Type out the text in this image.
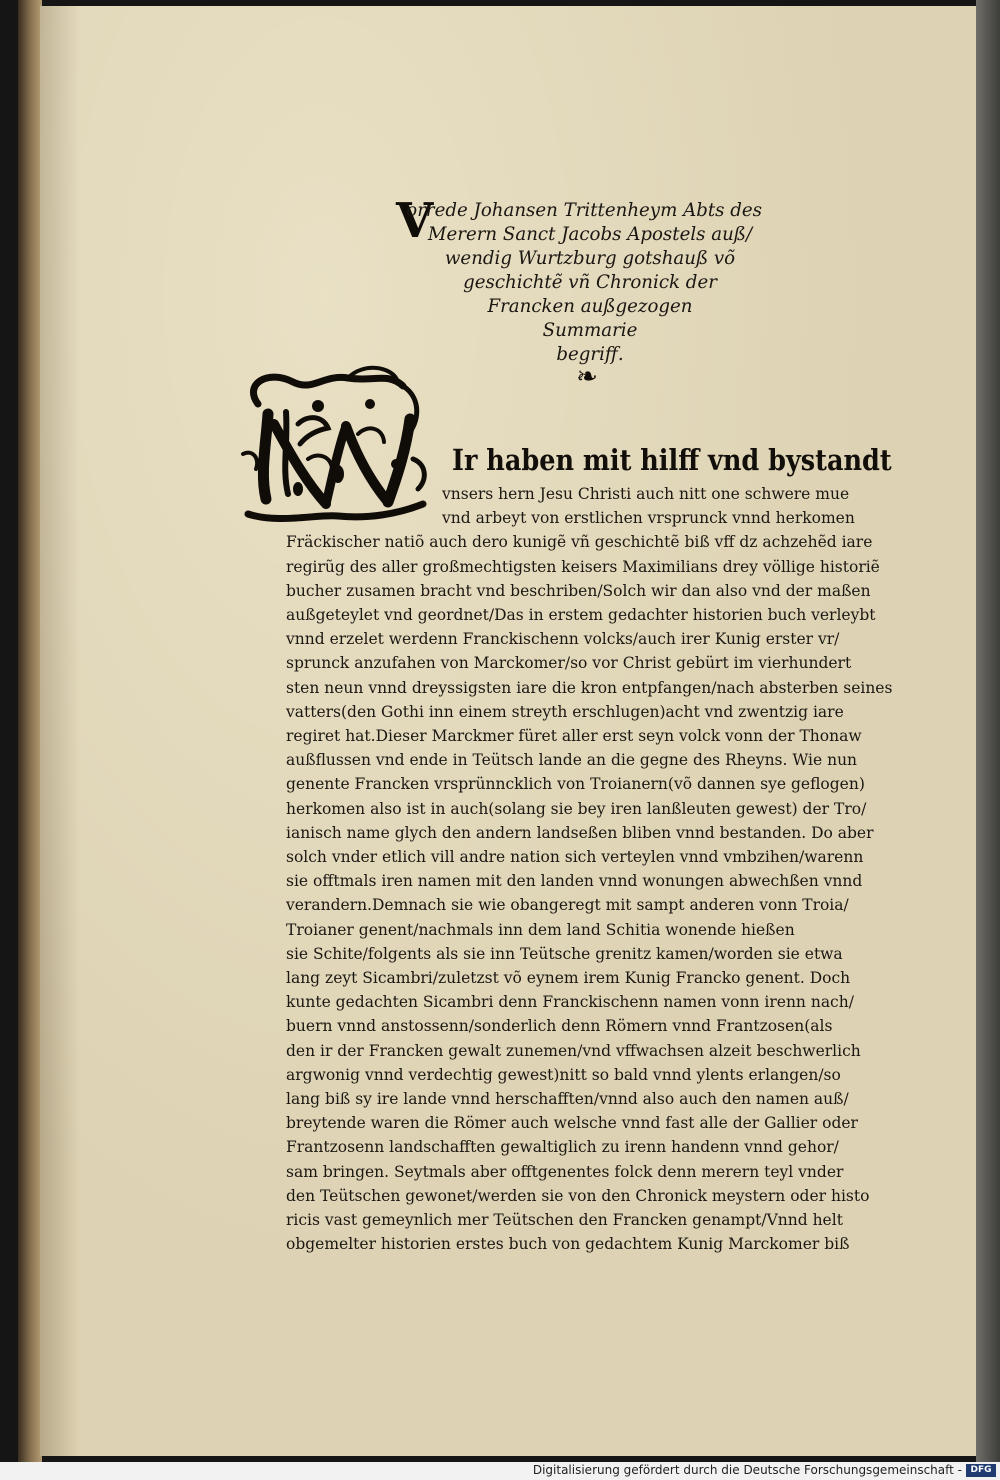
V
orrede Johansen Trittenheym Abts des
Merern Sanct Jacobs Apostels auß/
wendig Wurtzburg gotshauß võ
geschichtẽ vñ Chronick der
Francken außgezogen
Summarie
begriff.
❧
Ir haben mit hilff vnd bystandt
vnsers hern Jesu Christi auch nitt one schwere mue
vnd arbeyt von erstlichen vrsprunck vnnd herkomen
Fräckischer natiõ auch dero kunigẽ vñ geschichtẽ biß vff dz achzehẽd iare
regirũg des aller großmechtigsten keisers Maximilians drey völlige historiẽ
bucher zusamen bracht vnd beschriben/Solch wir dan also vnd der maßen
außgeteylet vnd geordnet/Das in erstem gedachter historien buch verleybt
vnnd erzelet werdenn Franckischenn volcks/auch irer Kunig erster vr/
sprunck anzufahen von Marckomer/so vor Christ gebürt im vierhundert
sten neun vnnd dreyssigsten iare die kron entpfangen/nach absterben seines
vatters(den Gothi inn einem streyth erschlugen)acht vnd zwentzig iare
regiret hat.Dieser Marckmer füret aller erst seyn volck vonn der Thonaw
außflussen vnd ende in Teütsch lande an die gegne des Rheyns. Wie nun
genente Francken vrsprünncklich von Troianern(võ dannen sye geflogen)
herkomen also ist in auch(solang sie bey iren lanßleuten gewest) der Tro/
ianisch name glych den andern landseßen bliben vnnd bestanden. Do aber
solch vnder etlich vill andre nation sich verteylen vnnd vmbzihen/warenn
sie offtmals iren namen mit den landen vnnd wonungen abwechßen vnnd
verandern.Demnach sie wie obangeregt mit sampt anderen vonn Troia/
Troianer genent/nachmals inn dem land Schitia wonende hießen
sie Schite/folgents als sie inn Teütsche grenitz kamen/worden sie etwa
lang zeyt Sicambri/zuletzst võ eynem irem Kunig Francko genent. Doch
kunte gedachten Sicambri denn Franckischenn namen vonn irenn nach/
buern vnnd anstossenn/sonderlich denn Römern vnnd Frantzosen(als
den ir der Francken gewalt zunemen/vnd vffwachsen alzeit beschwerlich
argwonig vnnd verdechtig gewest)nitt so bald vnnd ylents erlangen/so
lang biß sy ire lande vnnd herschafften/vnnd also auch den namen auß/
breytende waren die Römer auch welsche vnnd fast alle der Gallier oder
Frantzosenn landschafften gewaltiglich zu irenn handenn vnnd gehor/
sam bringen. Seytmals aber offtgenentes folck denn merern teyl vnder
den Teütschen gewonet/werden sie von den Chronick meystern oder histo
ricis vast gemeynlich mer Teütschen den Francken genampt/Vnnd helt
obgemelter historien erstes buch von gedachtem Kunig Marckomer biß
Digitalisierung gefördert durch die Deutsche Forschungsgemeinschaft - DFG
